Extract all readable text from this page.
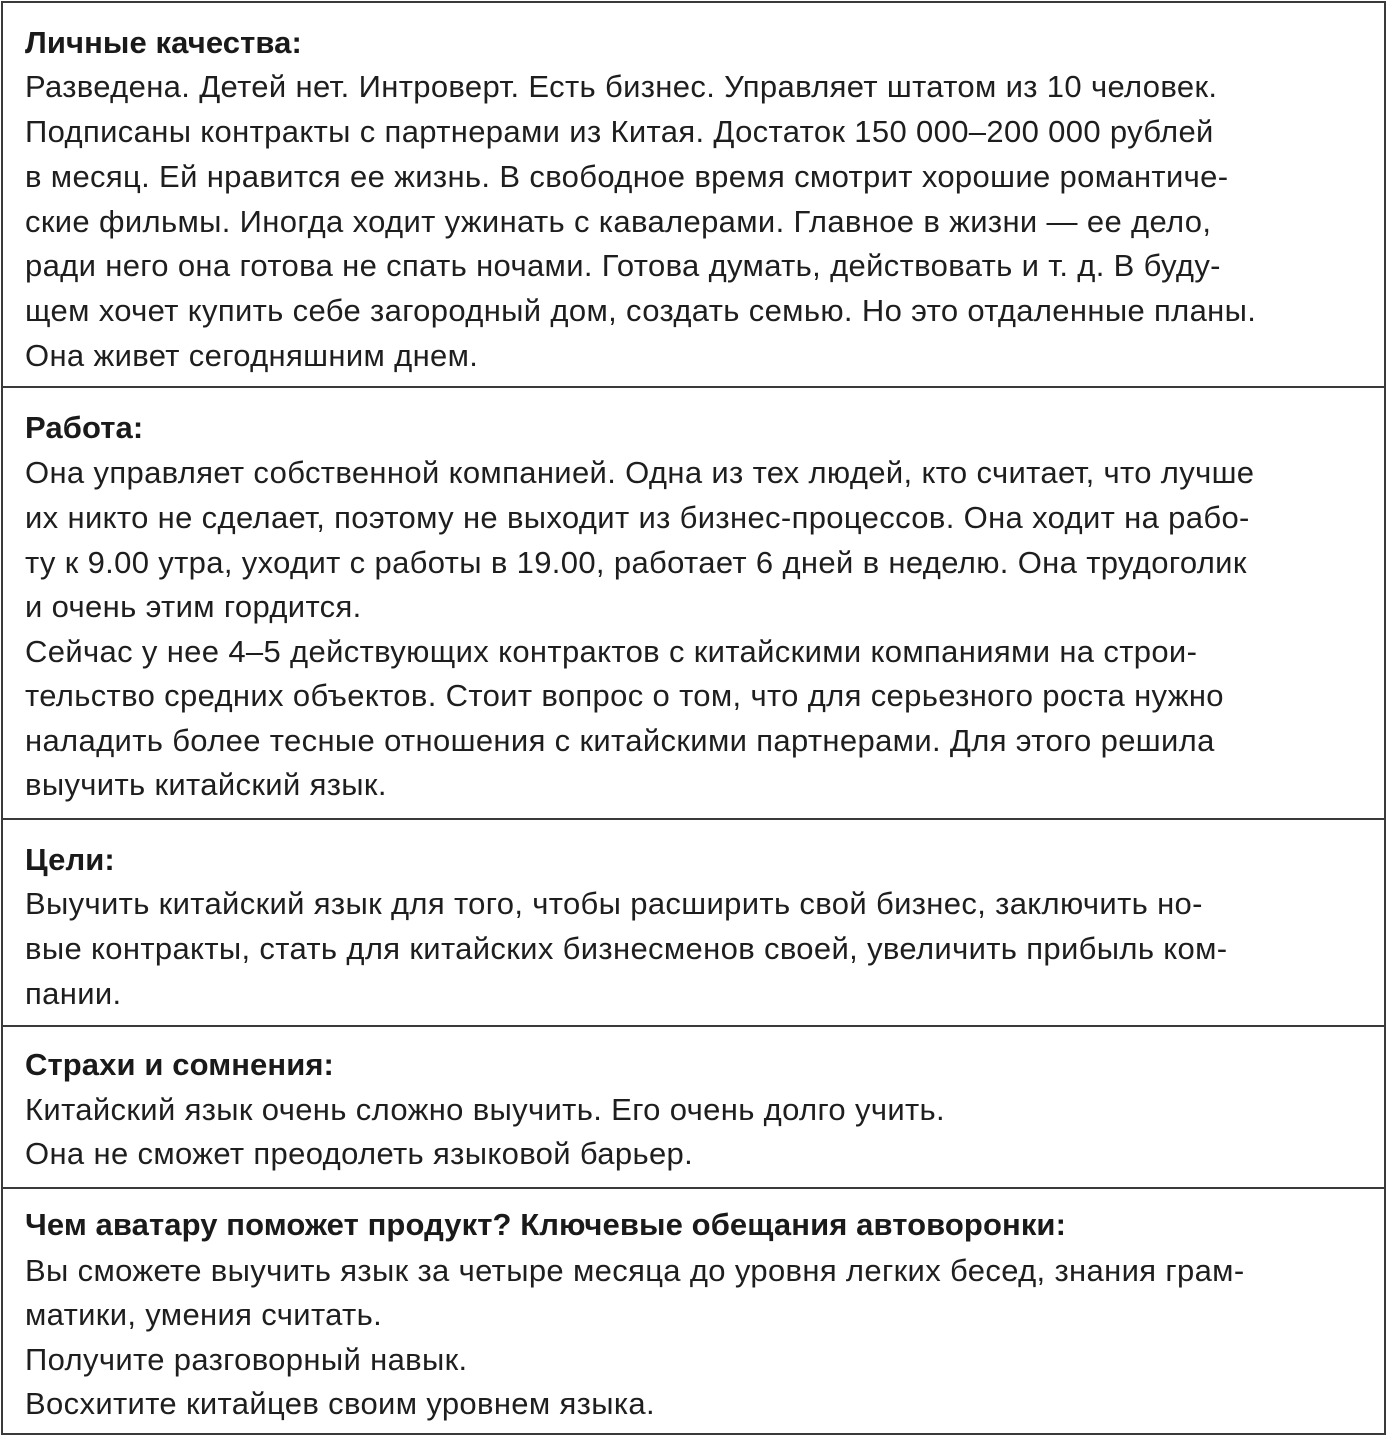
Личные качества:
Разведена. Детей нет. Интроверт. Есть бизнес. Управляет штатом из 10 человек.
Подписаны контракты с партнерами из Китая. Достаток 150 000–200 000 рублей
в месяц. Ей нравится ее жизнь. В свободное время смотрит хорошие романтиче-
ские фильмы. Иногда ходит ужинать с кавалерами. Главное в жизни — ее дело,
ради него она готова не спать ночами. Готова думать, действовать и т. д. В буду-
щем хочет купить себе загородный дом, создать семью. Но это отдаленные планы.
Она живет сегодняшним днем.
Работа:
Она управляет собственной компанией. Одна из тех людей, кто считает, что лучше
их никто не сделает, поэтому не выходит из бизнес-процессов. Она ходит на рабо-
ту к 9.00 утра, уходит с работы в 19.00, работает 6 дней в неделю. Она трудоголик
и очень этим гордится.
Сейчас у нее 4–5 действующих контрактов с китайскими компаниями на строи-
тельство средних объектов. Стоит вопрос о том, что для серьезного роста нужно
наладить более тесные отношения с китайскими партнерами. Для этого решила
выучить китайский язык.
Цели:
Выучить китайский язык для того, чтобы расширить свой бизнес, заключить но-
вые контракты, стать для китайских бизнесменов своей, увеличить прибыль ком-
пании.
Страхи и сомнения:
Китайский язык очень сложно выучить. Его очень долго учить.
Она не сможет преодолеть языковой барьер.
Чем аватару поможет продукт? Ключевые обещания автоворонки:
Вы сможете выучить язык за четыре месяца до уровня легких бесед, знания грам-
матики, умения считать.
Получите разговорный навык.
Восхитите китайцев своим уровнем языка.
